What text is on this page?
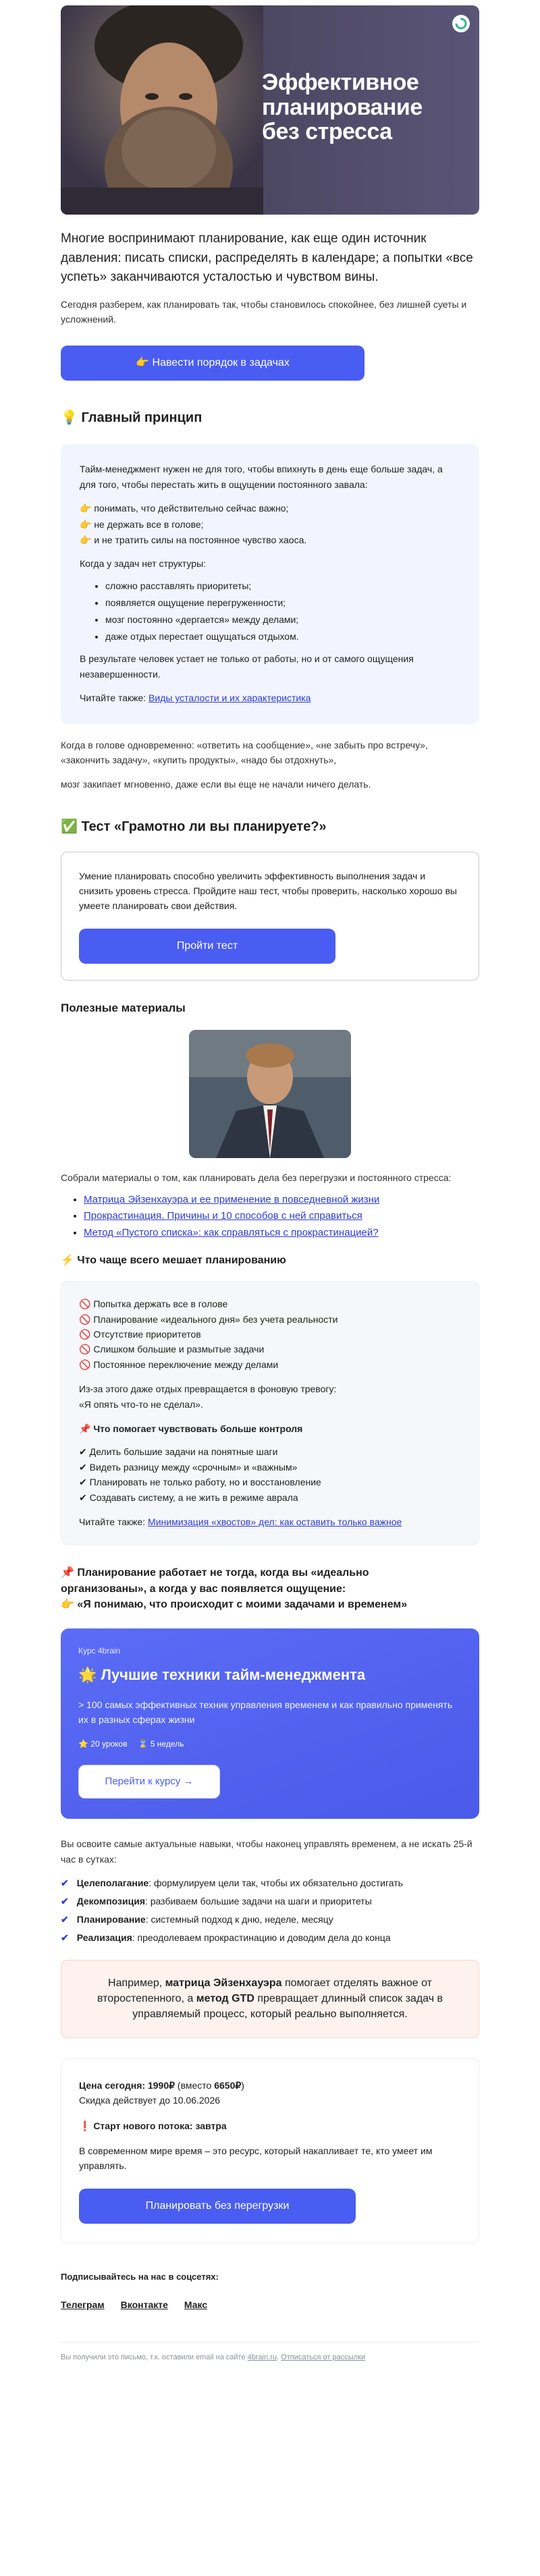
Эффективное планирование без стресса
Многие воспринимают планирование, как еще один источник давления: писать списки, распределять в календаре; а попытки «все успеть» заканчиваются усталостью и чувством вины.
Сегодня разберем, как планировать так, чтобы становилось спокойнее, без лишней суеты и усложнений.
👉 Навести порядок в задачах
💡 Главный принцип
Тайм-менеджмент нужен не для того, чтобы впихнуть в день еще больше задач, а для того, чтобы перестать жить в ощущении постоянного завала:
👉 понимать, что действительно сейчас важно;
👉 не держать все в голове;
👉 и не тратить силы на постоянное чувство хаоса.
Когда у задач нет структуры:
• сложно расставлять приоритеты;
• появляется ощущение перегруженности;
• мозг постоянно «дергается» между делами;
• даже отдых перестает ощущаться отдыхом.
В результате человек устает не только от работы, но и от самого ощущения незавершенности.
Читайте также: Виды усталости и их характеристика
Когда в голове одновременно: «ответить на сообщение», «не забыть про встречу», «закончить задачу», «купить продукты», «надо бы отдохнуть»,
мозг закипает мгновенно, даже если вы еще не начали ничего делать.
✅ Тест «Грамотно ли вы планируете?»
Умение планировать способно увеличить эффективность выполнения задач и снизить уровень стресса. Пройдите наш тест, чтобы проверить, насколько хорошо вы умеете планировать свои действия.
Пройти тест
Полезные материалы
Собрали материалы о том, как планировать дела без перегрузки и постоянного стресса:
• Матрица Эйзенхауэра и ее применение в повседневной жизни
• Прокрастинация. Причины и 10 способов с ней справиться
• Метод «Пустого списка»: как справляться с прокрастинацией?
⚡ Что чаще всего мешает планированию
🚫 Попытка держать все в голове
🚫 Планирование «идеального дня» без учета реальности
🚫 Отсутствие приоритетов
🚫 Слишком большие и размытые задачи
🚫 Постоянное переключение между делами
Из-за этого даже отдых превращается в фоновую тревогу:
«Я опять что-то не сделал».
📌 Что помогает чувствовать больше контроля
✔ Делить большие задачи на понятные шаги
✔ Видеть разницу между «срочным» и «важным»
✔ Планировать не только работу, но и восстановление
✔ Создавать систему, а не жить в режиме аврала
Читайте также: Минимизация «хвостов» дел: как оставить только важное
📌 Планирование работает не тогда, когда вы «идеально
организованы», а когда у вас появляется ощущение:
👉 «Я понимаю, что происходит с моими задачами и временем»
Курс 4brain
🌟 Лучшие техники тайм-менеджмента
> 100 самых эффективных техник управления временем и как правильно применять их в разных сферах жизни
⭐ 20 уроков ⌛ 5 недель
Перейти к курсу →
Вы освоите самые актуальные навыки, чтобы наконец управлять временем, а не искать 25-й час в сутках:
✔ Целеполагание: формулируем цели так, чтобы их обязательно достигать
✔ Декомпозиция: разбиваем большие задачи на шаги и приоритеты
✔ Планирование: системный подход к дню, неделе, месяцу
✔ Реализация: преодолеваем прокрастинацию и доводим дела до конца
Например, матрица Эйзенхауэра помогает отделять важное от второстепенного, а метод GTD превращает длинный список задач в управляемый процесс, который реально выполняется.
Цена сегодня: 1990₽ (вместо 6650₽)
Скидка действует до 10.06.2026
❗ Старт нового потока: завтра
В современном мире время – это ресурс, который накапливает те, кто умеет им управлять.
Планировать без перегрузки
Подписывайтесь на нас в соцсетях:
Телеграм Вконтакте Макс
Вы получили это письмо, т.к. оставили email на сайте 4brain.ru. Отписаться от рассылки
